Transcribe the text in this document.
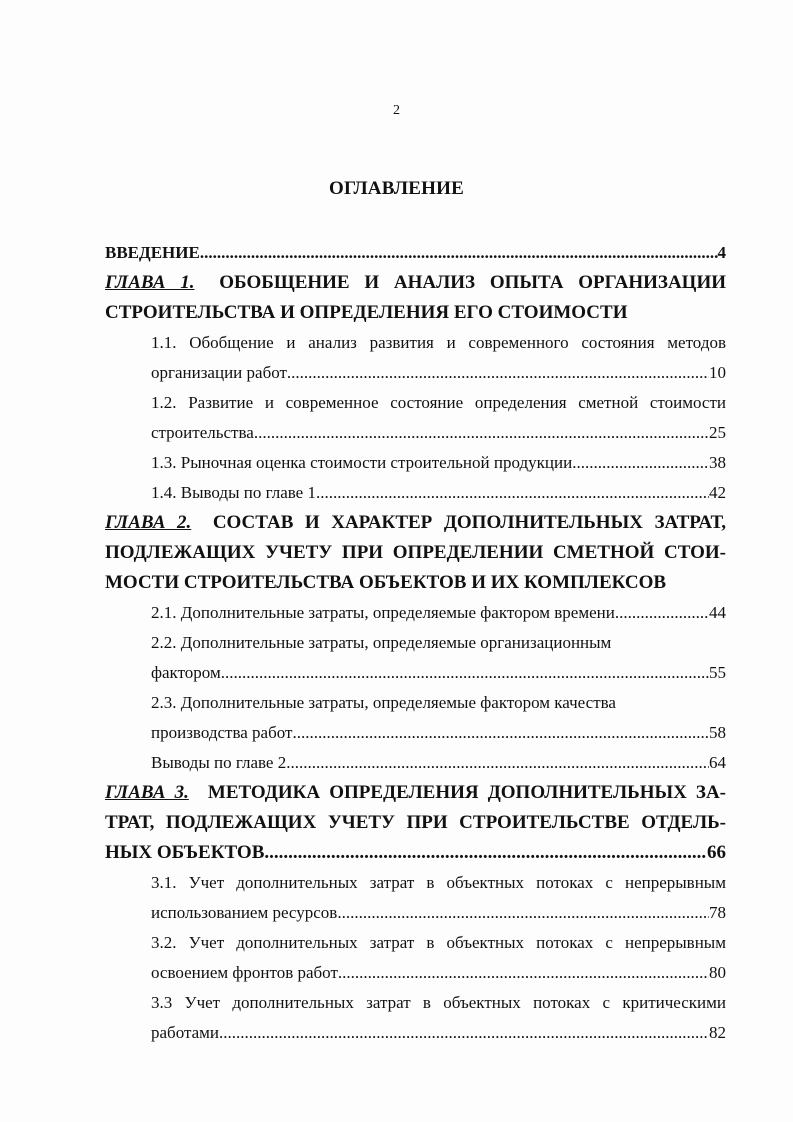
2
ОГЛАВЛЕНИЕ
ВВЕДЕНИЕ .....	4
ГЛАВА 1. ОБОБЩЕНИЕ И АНАЛИЗ ОПЫТА ОРГАНИЗАЦИИ
СТРОИТЕЛЬСТВА И ОПРЕДЕЛЕНИЯ ЕГО СТОИМОСТИ
1.1. Обобщение и анализ развития и современного состояния методов
организации работ .....	10
1.2. Развитие и современное состояние определения сметной стоимости
строительства .....	25
1.3. Рыночная оценка стоимости строительной продукции .....	38
1.4. Выводы по главе 1 .....	42
ГЛАВА 2. СОСТАВ И ХАРАКТЕР ДОПОЛНИТЕЛЬНЫХ ЗАТРАТ,
ПОДЛЕЖАЩИХ УЧЕТУ ПРИ ОПРЕДЕЛЕНИИ СМЕТНОЙ СТОИ-
МОСТИ СТРОИТЕЛЬСТВА ОБЪЕКТОВ И ИХ КОМПЛЕКСОВ
2.1. Дополнительные затраты, определяемые фактором времени .....	44
2.2. Дополнительные затраты, определяемые организационным
фактором .....	55
2.3. Дополнительные затраты, определяемые фактором качества
производства работ .....	58
Выводы по главе 2 .....	64
ГЛАВА 3. МЕТОДИКА ОПРЕДЕЛЕНИЯ ДОПОЛНИТЕЛЬНЫХ ЗА-
ТРАТ, ПОДЛЕЖАЩИХ УЧЕТУ ПРИ СТРОИТЕЛЬСТВЕ ОТДЕЛЬ-
НЫХ ОБЪЕКТОВ .....	66
3.1. Учет дополнительных затрат в объектных потоках с непрерывным
использованием ресурсов .....	78
3.2. Учет дополнительных затрат в объектных потоках с непрерывным
освоением фронтов работ .....	80
3.3 Учет дополнительных затрат в объектных потоках с критическими
работами .....	82
